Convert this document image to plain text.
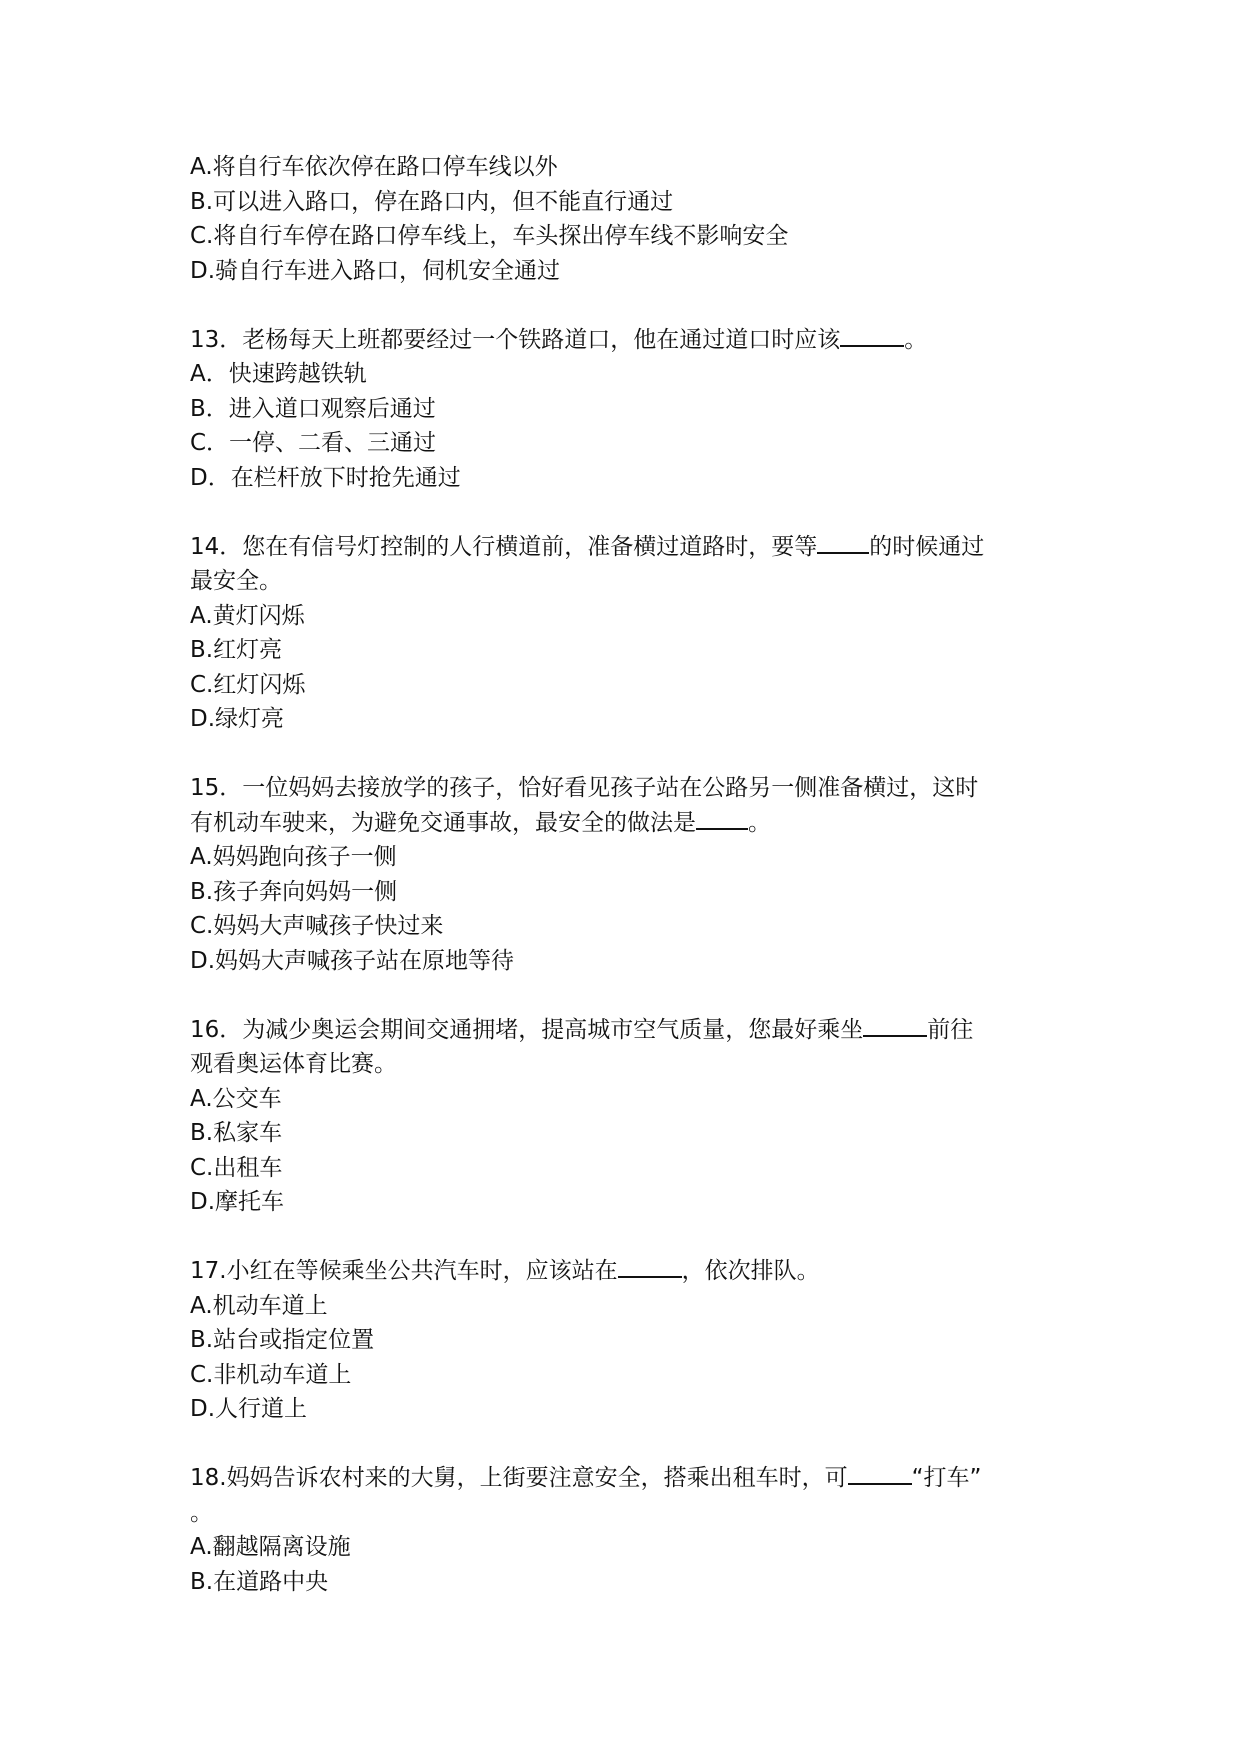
A.将自行车依次停在路口停车线以外
B.可以进入路口，停在路口内，但不能直行通过
C.将自行车停在路口停车线上，车头探出停车线不影响安全
D.骑自行车进入路口，伺机安全通过
13．老杨每天上班都要经过一个铁路道口，他在通过道口时应该	。
A．快速跨越铁轨
B．进入道口观察后通过
C．一停、二看、三通过
D．在栏杆放下时抢先通过
14．您在有信号灯控制的人行横道前，准备横过道路时，要等 的时候通过
最安全。
A.黄灯闪烁
B.红灯亮
C.红灯闪烁
D.绿灯亮
15．一位妈妈去接放学的孩子，恰好看见孩子站在公路另一侧准备横过，这时
有机动车驶来，为避免交通事故，最安全的做法是 。
A.妈妈跑向孩子一侧
B.孩子奔向妈妈一侧
C.妈妈大声喊孩子快过来
D.妈妈大声喊孩子站在原地等待
16．为减少奥运会期间交通拥堵，提高城市空气质量，您最好乘坐	前往
观看奥运体育比赛。
A.公交车
B.私家车
C.出租车
D.摩托车
17.小红在等候乘坐公共汽车时，应该站在	，依次排队。
A.机动车道上
B.站台或指定位置
C.非机动车道上
D.人行道上
18.妈妈告诉农村来的大舅，上街要注意安全，搭乘出租车时，可	“打车”
。
A.翻越隔离设施
B.在道路中央
